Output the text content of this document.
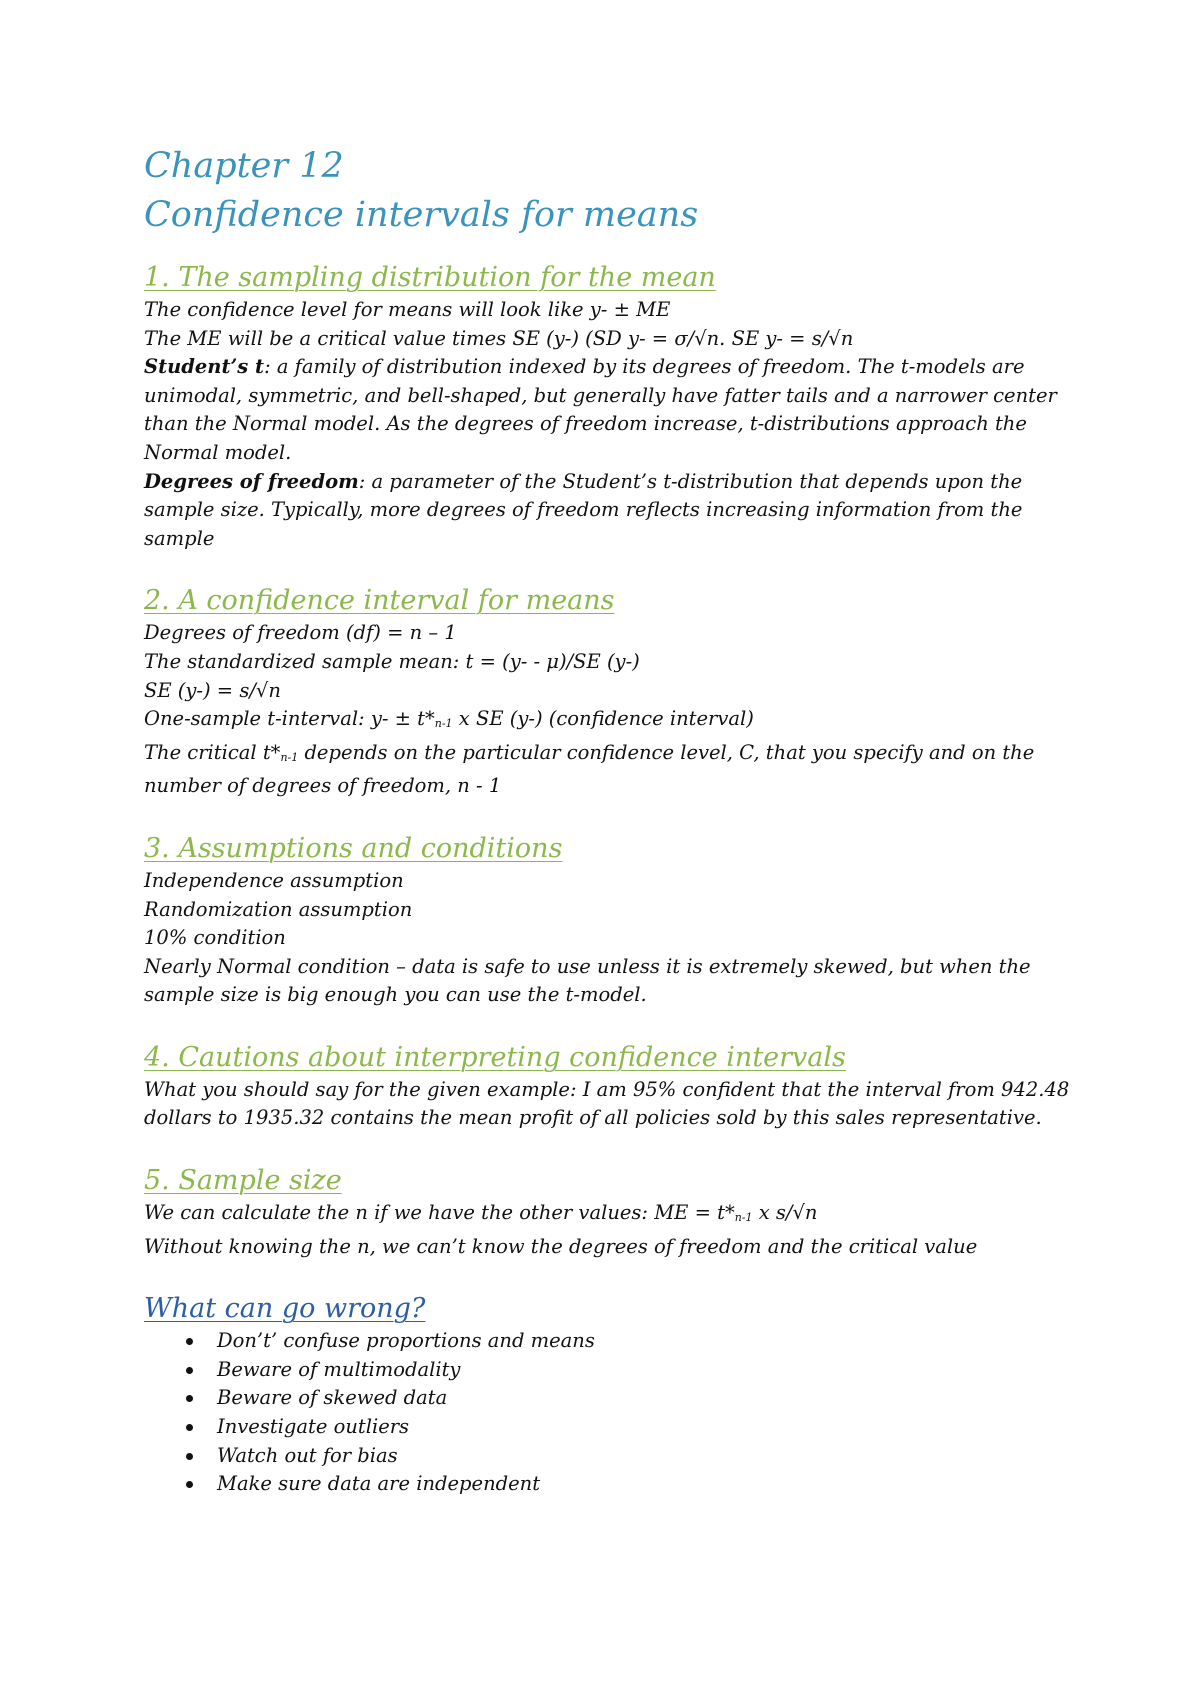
Chapter 12

Confidence intervals for means

1. The sampling distribution for the mean

The confidence level for means will look like y- ± ME

The ME will be a critical value times SE (y-) (SD y- = σ/√n. SE y- = s/√n

Student’s t: a family of distribution indexed by its degrees of freedom. The t-models are unimodal, symmetric, and bell-shaped, but generally have fatter tails and a narrower center than the Normal model. As the degrees of freedom increase, t-distributions approach the Normal model.

Degrees of freedom: a parameter of the Student’s t-distribution that depends upon the sample size. Typically, more degrees of freedom reflects increasing information from the sample

2. A confidence interval for means

Degrees of freedom (df) = n – 1

The standardized sample mean: t = (y- - μ)/SE (y-)

SE (y-) = s/√n

One-sample t-interval: y- ± t*n-1 x SE (y-) (confidence interval)

The critical t*n-1 depends on the particular confidence level, C, that you specify and on the number of degrees of freedom, n - 1

3. Assumptions and conditions

Independence assumption

Randomization assumption

10% condition

Nearly Normal condition – data is safe to use unless it is extremely skewed, but when the sample size is big enough you can use the t-model.

4. Cautions about interpreting confidence intervals

What you should say for the given example: I am 95% confident that the interval from 942.48 dollars to 1935.32 contains the mean profit of all policies sold by this sales representative.

5. Sample size

We can calculate the n if we have the other values: ME = t*n-1 x s/√n

Without knowing the n, we can’t know the degrees of freedom and the critical value

What can go wrong?

Don’t’ confuse proportions and means
Beware of multimodality
Beware of skewed data
Investigate outliers
Watch out for bias
Make sure data are independent
